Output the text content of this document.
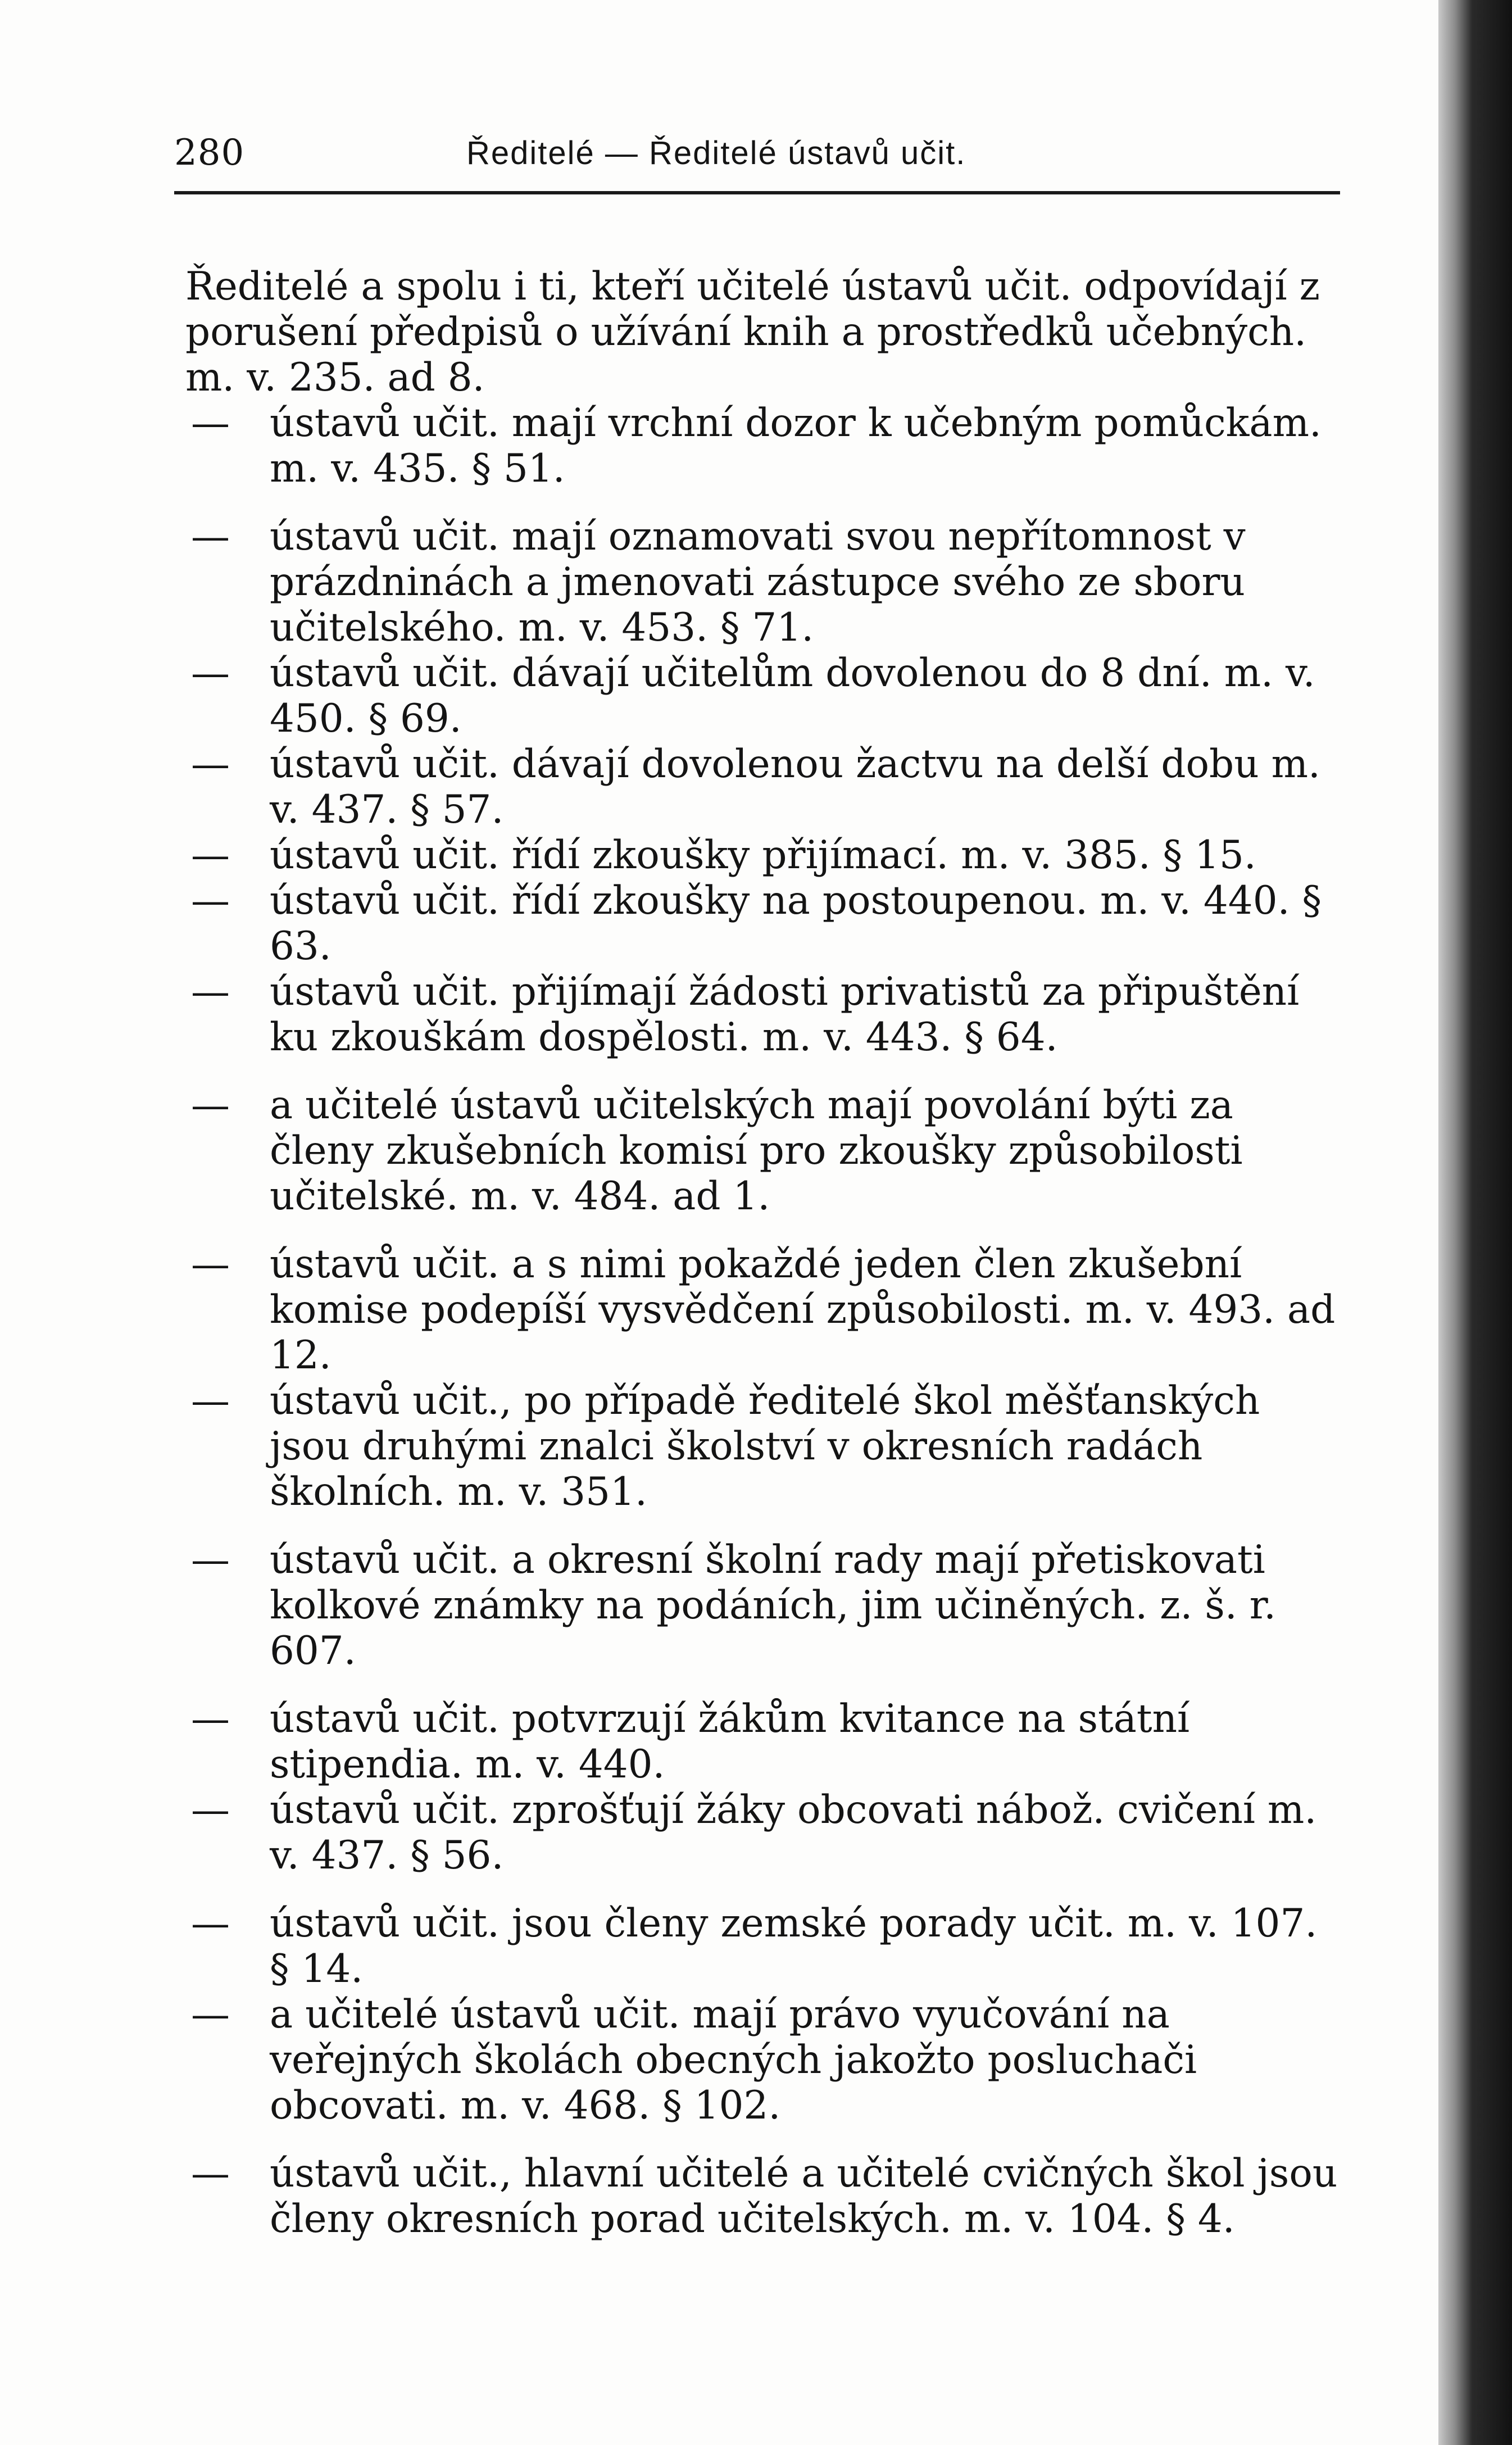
280	Ředitelé — Ředitelé ústavů učit.

Ředitelé a spolu i ti, kteří učitelé ústavů učit. odpovídají z porušení předpisů o užívání knih a prostředků učebných. m. v. 235. ad 8.

— ústavů učit. mají vrchní dozor k učebným pomůckám. m. v. 435. § 51.

— ústavů učit. mají oznamovati svou nepřítomnost v prázdninách a jmenovati zástupce svého ze sboru učitelského. m. v. 453. § 71.

— ústavů učit. dávají učitelům dovolenou do 8 dní. m. v. 450. § 69.

— ústavů učit. dávají dovolenou žactvu na delší dobu m. v. 437. § 57.

— ústavů učit. řídí zkoušky přijímací. m. v. 385. § 15.

— ústavů učit. řídí zkoušky na postoupenou. m. v. 440. § 63.

— ústavů učit. přijímají žádosti privatistů za připuštění ku zkouškám dospělosti. m. v. 443. § 64.

— a učitelé ústavů učitelských mají povolání býti za členy zkušebních komisí pro zkoušky způsobilosti učitelské. m. v. 484. ad 1.

— ústavů učit. a s nimi pokaždé jeden člen zkušební komise podepíší vysvědčení způsobilosti. m. v. 493. ad 12.

— ústavů učit., po případě ředitelé škol měšťanských jsou druhými znalci školství v okresních radách školních. m. v. 351.

— ústavů učit. a okresní školní rady mají přetiskovati kolkové známky na podáních, jim učiněných. z. š. r. 607.

— ústavů učit. potvrzují žákům kvitance na státní stipendia. m. v. 440.

— ústavů učit. zprošťují žáky obcovati nábož. cvičení m. v. 437. § 56.

— ústavů učit. jsou členy zemské porady učit. m. v. 107. § 14.

— a učitelé ústavů učit. mají právo vyučování na veřejných školách obecných jakožto posluchači obcovati. m. v. 468. § 102.

— ústavů učit., hlavní učitelé a učitelé cvičných škol jsou členy okresních porad učitelských. m. v. 104. § 4.
